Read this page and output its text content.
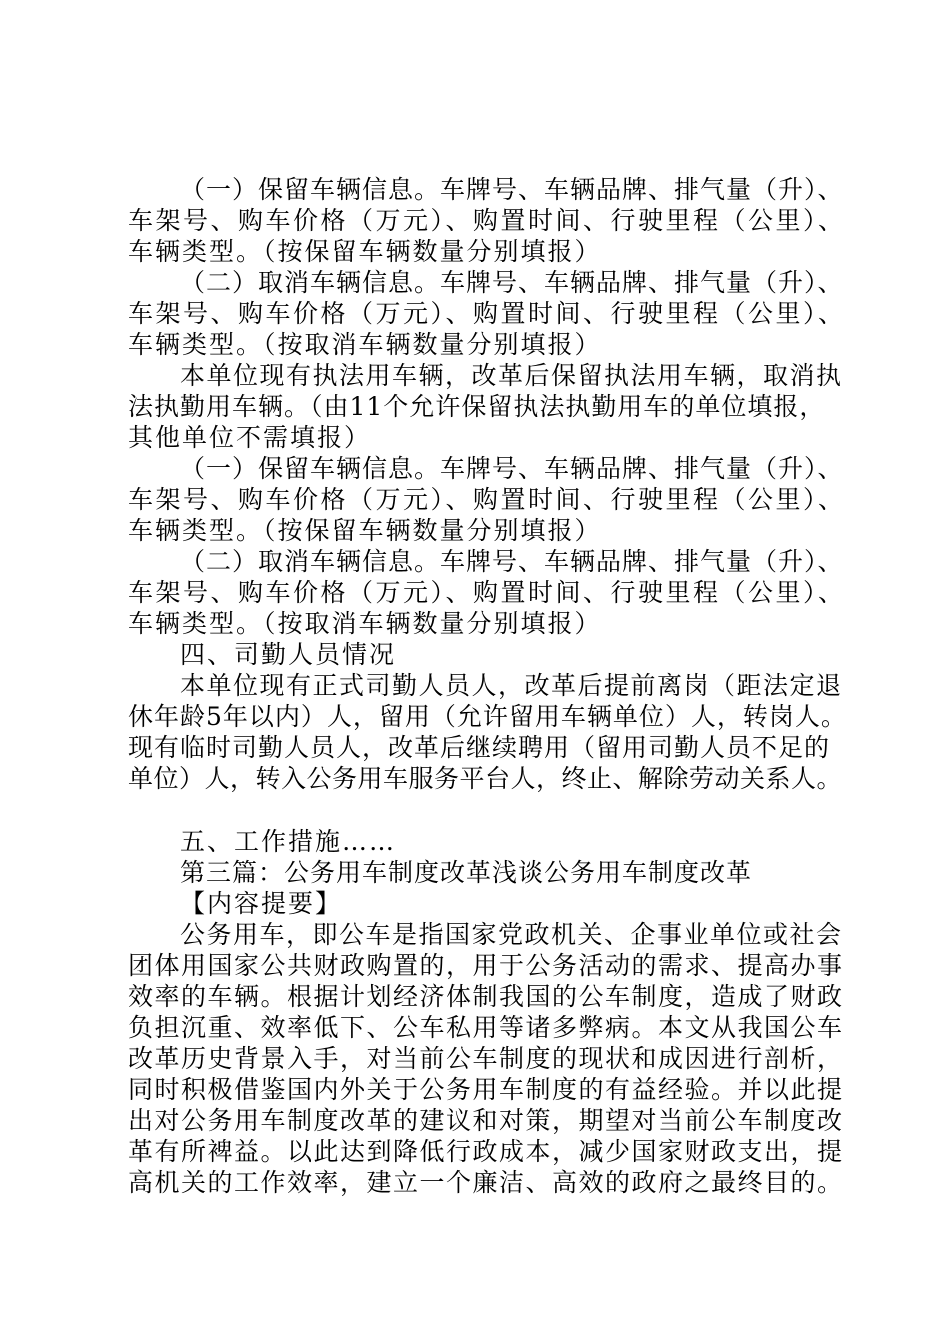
（一）保留车辆信息。车牌号、车辆品牌、排气量（升）、
车架号、购车价格（万元）、购置时间、行驶里程（公里）、
车辆类型。（按保留车辆数量分别填报）
（二）取消车辆信息。车牌号、车辆品牌、排气量（升）、
车架号、购车价格（万元）、购置时间、行驶里程（公里）、
车辆类型。（按取消车辆数量分别填报）
本单位现有执法用车辆，改革后保留执法用车辆，取消执
法执勤用车辆。（由11个允许保留执法执勤用车的单位填报，
其他单位不需填报）
（一）保留车辆信息。车牌号、车辆品牌、排气量（升）、
车架号、购车价格（万元）、购置时间、行驶里程（公里）、
车辆类型。（按保留车辆数量分别填报）
（二）取消车辆信息。车牌号、车辆品牌、排气量（升）、
车架号、购车价格（万元）、购置时间、行驶里程（公里）、
车辆类型。（按取消车辆数量分别填报）
四、司勤人员情况
本单位现有正式司勤人员人，改革后提前离岗（距法定退
休年龄5年以内）人，留用（允许留用车辆单位）人，转岗人。
现有临时司勤人员人，改革后继续聘用（留用司勤人员不足的
单位）人，转入公务用车服务平台人，终止、解除劳动关系人。
五、工作措施……
第三篇：公务用车制度改革浅谈公务用车制度改革
【内容提要】
公务用车，即公车是指国家党政机关、企事业单位或社会
团体用国家公共财政购置的，用于公务活动的需求、提高办事
效率的车辆。根据计划经济体制我国的公车制度，造成了财政
负担沉重、效率低下、公车私用等诸多弊病。本文从我国公车
改革历史背景入手，对当前公车制度的现状和成因进行剖析，
同时积极借鉴国内外关于公务用车制度的有益经验。并以此提
出对公务用车制度改革的建议和对策，期望对当前公车制度改
革有所裨益。以此达到降低行政成本，减少国家财政支出，提
高机关的工作效率，建立一个廉洁、高效的政府之最终目的。
